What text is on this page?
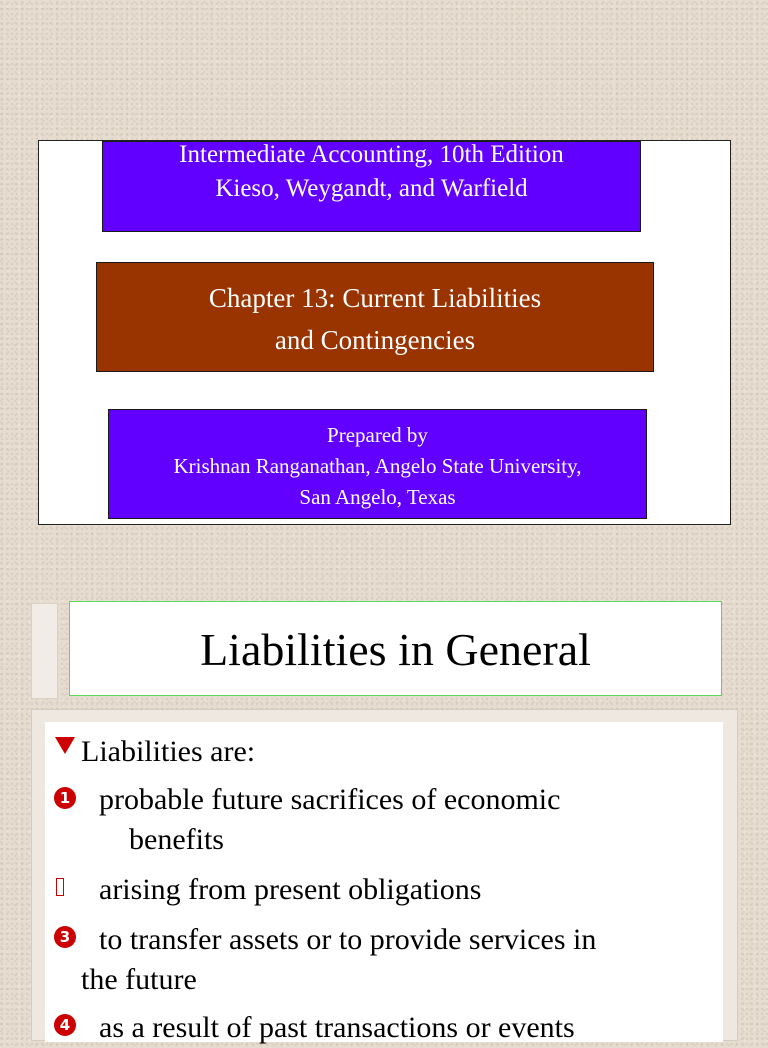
Intermediate Accounting, 10th Edition
Kieso, Weygandt, and Warfield
Chapter 13: Current Liabilities
and Contingencies
Prepared by
Krishnan Ranganathan, Angelo State University,
San Angelo, Texas
Liabilities in General
Liabilities are:
1 probable future sacrifices of economic
benefits
arising from present obligations
3 to transfer assets or to provide services in
the future
4 as a result of past transactions or events
